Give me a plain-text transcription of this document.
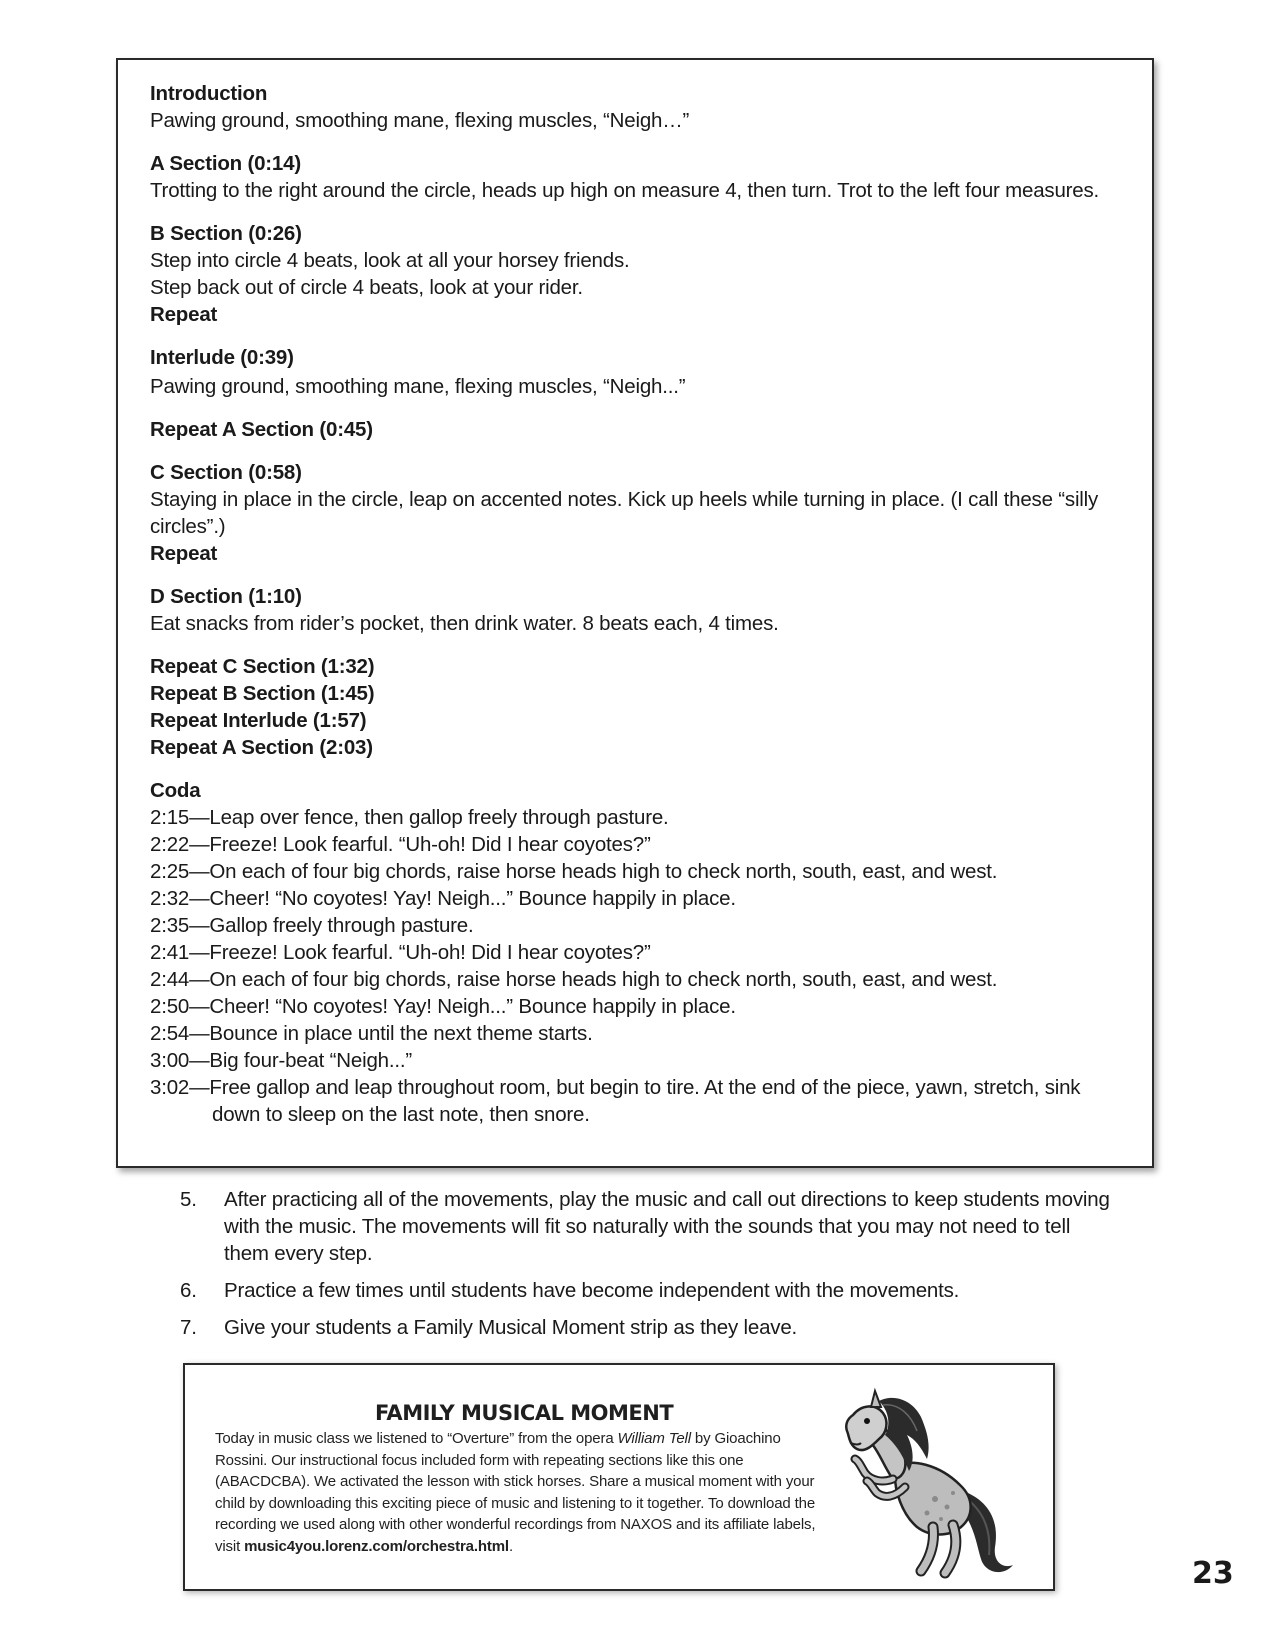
Introduction
Pawing ground, smoothing mane, flexing muscles, “Neigh…”
A Section (0:14)
Trotting to the right around the circle, heads up high on measure 4, then turn. Trot to the left four measures.
B Section (0:26)
Step into circle 4 beats, look at all your horsey friends.
Step back out of circle 4 beats, look at your rider.
Repeat
Interlude (0:39)
Pawing ground, smoothing mane, flexing muscles, “Neigh...”
Repeat A Section (0:45)
C Section (0:58)
Staying in place in the circle, leap on accented notes. Kick up heels while turning in place. (I call these “silly circles”.)
Repeat
D Section (1:10)
Eat snacks from rider’s pocket, then drink water. 8 beats each, 4 times.
Repeat C Section (1:32)
Repeat B Section (1:45)
Repeat Interlude (1:57)
Repeat A Section (2:03)
Coda
2:15—Leap over fence, then gallop freely through pasture.
2:22—Freeze! Look fearful. “Uh-oh! Did I hear coyotes?”
2:25—On each of four big chords, raise horse heads high to check north, south, east, and west.
2:32—Cheer! “No coyotes! Yay! Neigh...” Bounce happily in place.
2:35—Gallop freely through pasture.
2:41—Freeze! Look fearful. “Uh-oh! Did I hear coyotes?”
2:44—On each of four big chords, raise horse heads high to check north, south, east, and west.
2:50—Cheer! “No coyotes! Yay! Neigh...” Bounce happily in place.
2:54—Bounce in place until the next theme starts.
3:00—Big four-beat “Neigh...”
3:02—Free gallop and leap throughout room, but begin to tire. At the end of the piece, yawn, stretch, sink down to sleep on the last note, then snore.
5.	After practicing all of the movements, play the music and call out directions to keep students moving with the music. The movements will fit so naturally with the sounds that you may not need to tell them every step.
6.	Practice a few times until students have become independent with the movements.
7.	Give your students a Family Musical Moment strip as they leave.
FAMILY MUSICAL MOMENT
Today in music class we listened to “Overture” from the opera William Tell by Gioachino Rossini. Our instructional focus included form with repeating sections like this one (ABACDCBA). We activated the lesson with stick horses. Share a musical moment with your child by downloading this exciting piece of music and listening to it together. To download the recording we used along with other wonderful recordings from NAXOS and its affiliate labels, visit music4you.lorenz.com/orchestra.html.
23
